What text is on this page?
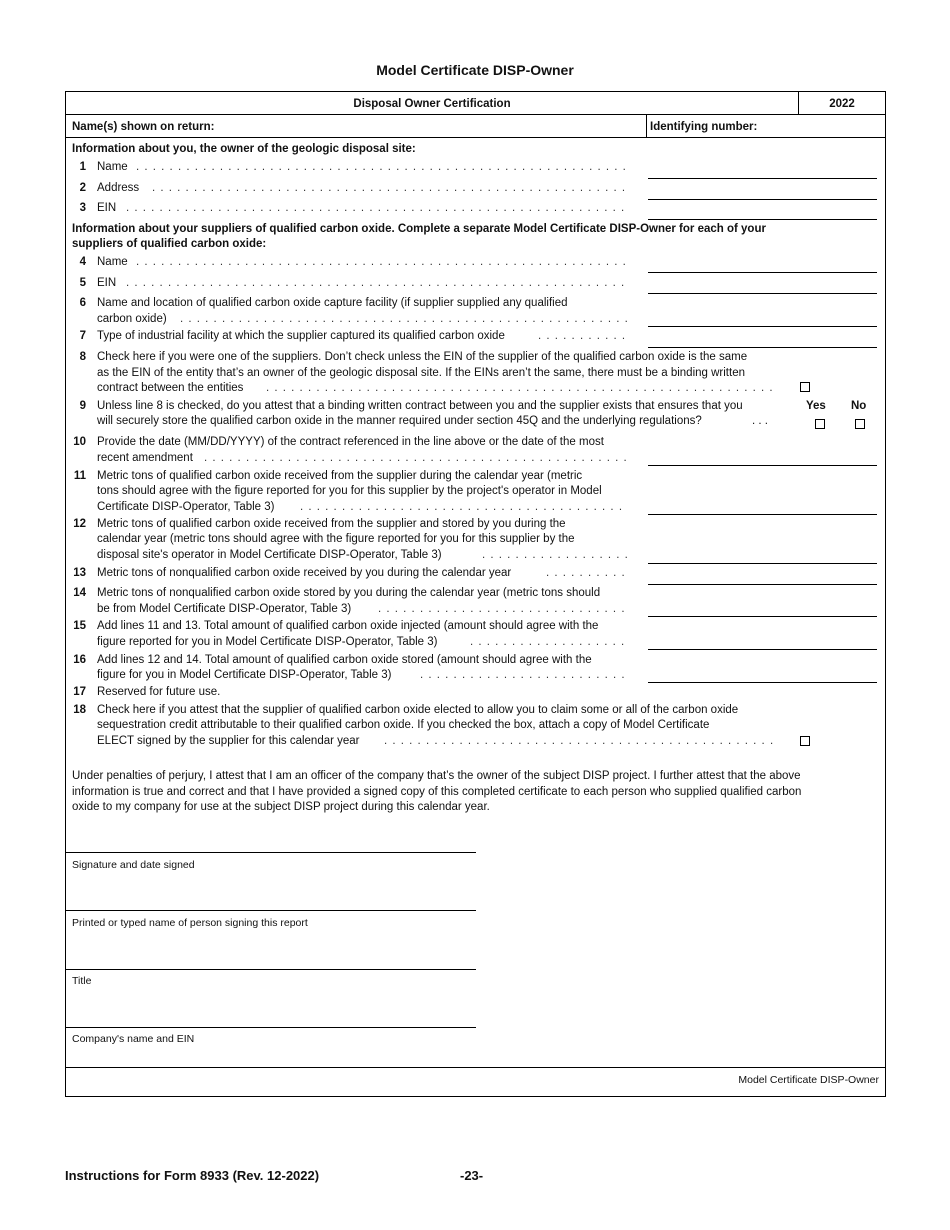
Model Certificate DISP-Owner
Disposal Owner Certification	2022
Name(s) shown on return:	Identifying number:
Model Certificate DISP-Owner
Information about you, the owner of the geologic disposal site:
1 Name
. . .
2 Address
. . .
3 EIN
. . .
Information about your suppliers of qualified carbon oxide. Complete a separate Model Certificate DISP-Owner for each of your
suppliers of qualified carbon oxide:
4 Name
. . .
5 EIN
. . .
6 Name and location of qualified carbon oxide capture facility (if supplier supplied any qualified
carbon oxide)
. . .
7 Type of industrial facility at which the supplier captured its qualified carbon oxide
. . .
8 Check here if you were one of the suppliers. Don’t check unless the EIN of the supplier of the qualified carbon oxide is the same
as the EIN of the entity that’s an owner of the geologic disposal site. If the EINs aren’t the same, there must be a binding written
contract between the entities
. . .
9 Unless line 8 is checked, do you attest that a binding written contract between you and the supplier exists that ensures that you
will securely store the qualified carbon oxide in the manner required under section 45Q and the underlying regulations?	. . .
Yes No
10 Provide the date (MM/DD/YYYY) of the contract referenced in the line above or the date of the most
recent amendment
. . .
11 Metric tons of qualified carbon oxide received from the supplier during the calendar year (metric
tons should agree with the figure reported for you for this supplier by the project's operator in Model
Certificate DISP-Operator, Table 3)
. . .
12 Metric tons of qualified carbon oxide received from the supplier and stored by you during the
calendar year (metric tons should agree with the figure reported for you for this supplier by the
disposal site's operator in Model Certificate DISP-Operator, Table 3)
. . .
13 Metric tons of nonqualified carbon oxide received by you during the calendar year
. . .
14 Metric tons of nonqualified carbon oxide stored by you during the calendar year (metric tons should
be from Model Certificate DISP-Operator, Table 3)
. . .
15 Add lines 11 and 13. Total amount of qualified carbon oxide injected (amount should agree with the
figure reported for you in Model Certificate DISP-Operator, Table 3)
. . .
16 Add lines 12 and 14. Total amount of qualified carbon oxide stored (amount should agree with the
figure for you in Model Certificate DISP-Operator, Table 3)
. . .
17 Reserved for future use.
18 Check here if you attest that the supplier of qualified carbon oxide elected to allow you to claim some or all of the carbon oxide
sequestration credit attributable to their qualified carbon oxide. If you checked the box, attach a copy of Model Certificate
ELECT signed by the supplier for this calendar year
. . .
Under penalties of perjury, I attest that I am an officer of the company that’s the owner of the subject DISP project. I further attest that the above
information is true and correct and that I have provided a signed copy of this completed certificate to each person who supplied qualified carbon
oxide to my company for use at the subject DISP project during this calendar year.
Signature and date signed
Printed or typed name of person signing this report
Title
Company's name and EIN
Instructions for Form 8933 (Rev. 12-2022)	-23-
